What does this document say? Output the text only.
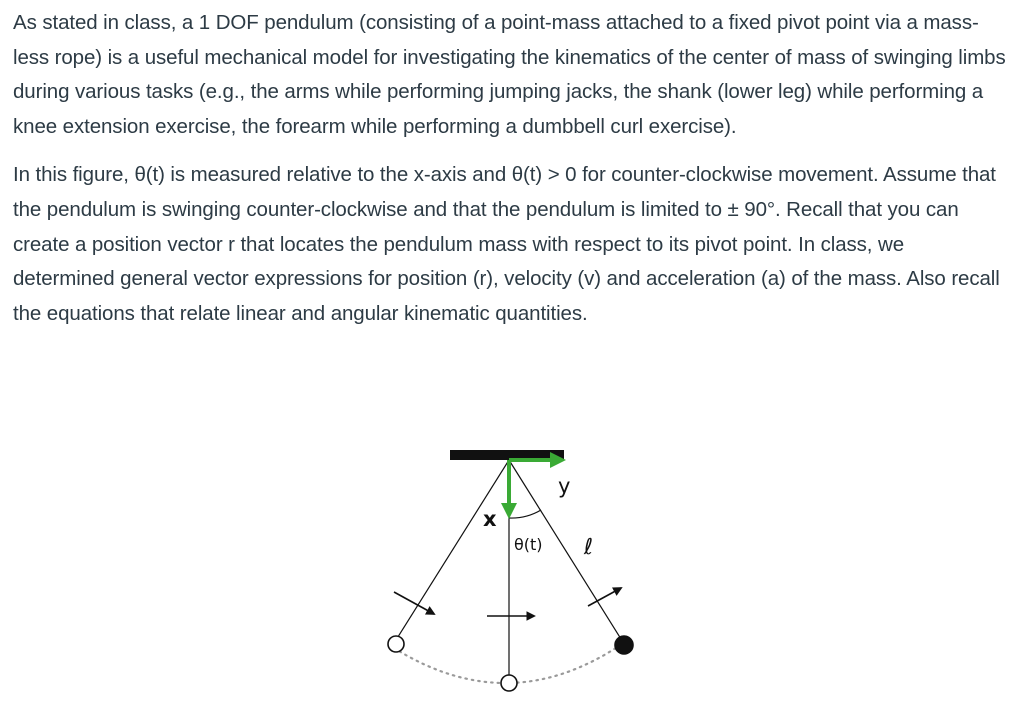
As stated in class, a 1 DOF pendulum (consisting of a point-mass attached to a fixed pivot point via a mass-less rope) is a useful mechanical model for investigating the kinematics of the center of mass of swinging limbs during various tasks (e.g., the arms while performing jumping jacks, the shank (lower leg) while performing a knee extension exercise, the forearm while performing a dumbbell curl exercise).

In this figure, θ(t) is measured relative to the x-axis and θ(t) > 0 for counter-clockwise movement. Assume that the pendulum is swinging counter-clockwise and that the pendulum is limited to ± 90°. Recall that you can create a position vector r that locates the pendulum mass with respect to its pivot point. In class, we determined general vector expressions for position (r), velocity (v) and acceleration (a) of the mass. Also recall the equations that relate linear and angular kinematic quantities.

y
x
θ(t) ℓ
